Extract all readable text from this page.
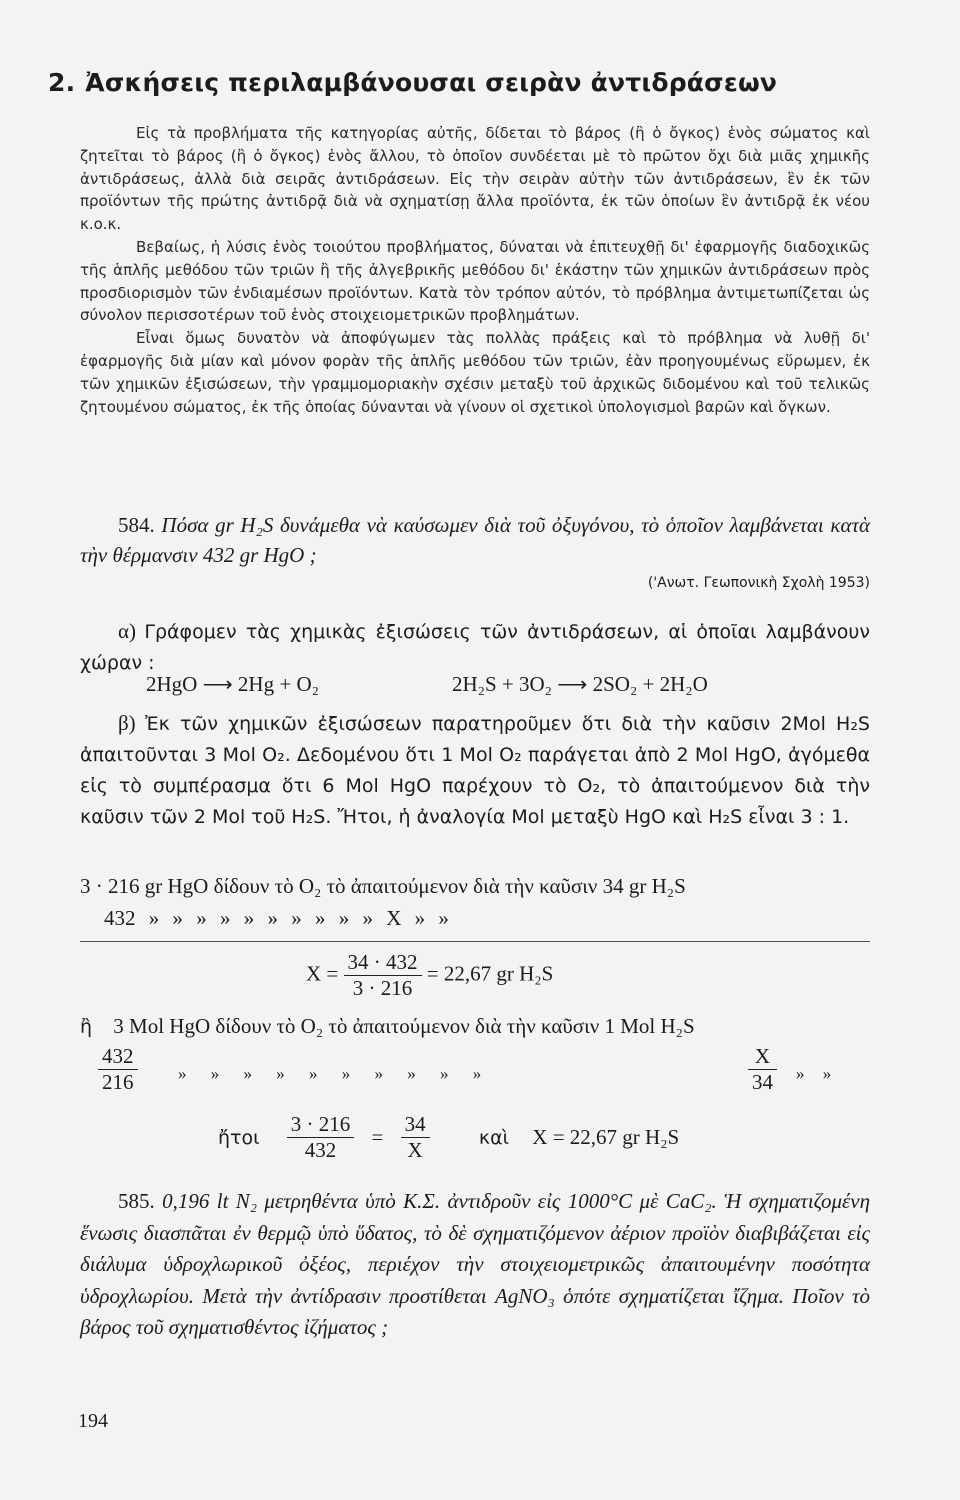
2. Ἀσκήσεις περιλαμβάνουσαι σειρὰν ἀντιδράσεων

Εἰς τὰ προβλήματα τῆς κατηγορίας αὐτῆς, δίδεται τὸ βάρος (ἢ ὁ ὄγκος) ἑνὸς σώματος καὶ ζητεῖται τὸ βάρος (ἢ ὁ ὄγκος) ἑνὸς ἄλλου, τὸ ὁποῖον συνδέεται μὲ τὸ πρῶτον ὄχι διὰ μιᾶς χημικῆς ἀντιδράσεως, ἀλλὰ διὰ σειρᾶς ἀντιδράσεων. Εἰς τὴν σειρὰν αὐτὴν τῶν ἀντιδράσεων, ἓν ἐκ τῶν προϊόντων τῆς πρώτης ἀντιδρᾷ διὰ νὰ σχηματίσῃ ἄλλα προϊόντα, ἐκ τῶν ὁποίων ἓν ἀντιδρᾷ ἐκ νέου κ.ο.κ.

Βεβαίως, ἡ λύσις ἑνὸς τοιούτου προβλήματος, δύναται νὰ ἐπιτευχθῇ δι' ἐφαρμογῆς διαδοχικῶς τῆς ἁπλῆς μεθόδου τῶν τριῶν ἢ τῆς ἀλγεβρικῆς μεθόδου δι' ἑκάστην τῶν χημικῶν ἀντιδράσεων πρὸς προσδιορισμὸν τῶν ἐνδιαμέσων προϊόντων. Κατὰ τὸν τρόπον αὐτόν, τὸ πρόβλημα ἀντιμετωπίζεται ὡς σύνολον περισσοτέρων τοῦ ἑνὸς στοιχειομετρικῶν προβλημάτων.

Εἶναι ὅμως δυνατὸν νὰ ἀποφύγωμεν τὰς πολλὰς πράξεις καὶ τὸ πρόβλημα νὰ λυθῇ δι' ἐφαρμογῆς διὰ μίαν καὶ μόνον φορὰν τῆς ἁπλῆς μεθόδου τῶν τριῶν, ἐὰν προηγουμένως εὕρωμεν, ἐκ τῶν χημικῶν ἐξισώσεων, τὴν γραμμομοριακὴν σχέσιν μεταξὺ τοῦ ἀρχικῶς διδομένου καὶ τοῦ τελικῶς ζητουμένου σώματος, ἐκ τῆς ὁποίας δύνανται νὰ γίνουν οἱ σχετικοὶ ὑπολογισμοὶ βαρῶν καὶ ὄγκων.

584. Πόσα gr H₂S δυνάμεθα νὰ καύσωμεν διὰ τοῦ ὀξυγόνου, τὸ ὁποῖον λαμβάνεται κατὰ τὴν θέρμανσιν 432 gr HgO ;

('Ανωτ. Γεωπονικὴ Σχολὴ 1953)

α) Γράφομεν τὰς χημικὰς ἐξισώσεις τῶν ἀντιδράσεων, αἱ ὁποῖαι λαμβάνουν χώραν :

2HgO ⟶ 2Hg + O₂	2H₂S + 3O₂ ⟶ 2SO₂ + 2H₂O

β) Ἐκ τῶν χημικῶν ἐξισώσεων παρατηροῦμεν ὅτι διὰ τὴν καῦσιν 2Mol H₂S ἀπαιτοῦνται 3 Mol O₂. Δεδομένου ὅτι 1 Mol O₂ παράγεται ἀπὸ 2 Mol HgO, ἀγόμεθα εἰς τὸ συμπέρασμα ὅτι 6 Mol HgO παρέχουν τὸ O₂, τὸ ἀπαιτούμενον διὰ τὴν καῦσιν τῶν 2 Mol τοῦ H₂S. Ἤτοι, ἡ ἀναλογία Mol μεταξὺ HgO καὶ H₂S εἶναι 3 : 1.

3 · 216 gr HgO δίδουν τὸ O₂ τὸ ἀπαιτούμενον διὰ τὴν καῦσιν 34 gr H₂S
432 » » » » » » » » » » X » »
$X = \frac{34 \cdot 432}{3 \cdot 216} = 22,67$ gr H₂S
ἢ 3 Mol HgO δίδουν τὸ O₂ τὸ ἀπαιτούμενον διὰ τὴν καῦσιν 1 Mol H₂S
$\frac{432}{216}$ » » » » » » » » » »	$\frac{X}{34}$ » »
ἤτοι $\frac{3 \cdot 216}{432} = \frac{34}{X}$	καὶ X = 22,67 gr H₂S

585. 0,196 lt N₂ μετρηθέντα ὑπὸ Κ.Σ. ἀντιδροῦν εἰς 1000°C μὲ CaC₂. Ἡ σχηματιζομένη ἕνωσις διασπᾶται ἐν θερμῷ ὑπὸ ὕδατος, τὸ δὲ σχηματιζόμενον ἀέριον προϊὸν διαβιβάζεται εἰς διάλυμα ὑδροχλωρικοῦ ὀξέος, περιέχον τὴν στοιχειομετρικῶς ἀπαιτουμένην ποσότητα ὑδροχλωρίου. Μετὰ τὴν ἀντίδρασιν προστίθεται AgNO₃ ὁπότε σχηματίζεται ἴζημα. Ποῖον τὸ βάρος τοῦ σχηματισθέντος ἰζήματος ;

194
